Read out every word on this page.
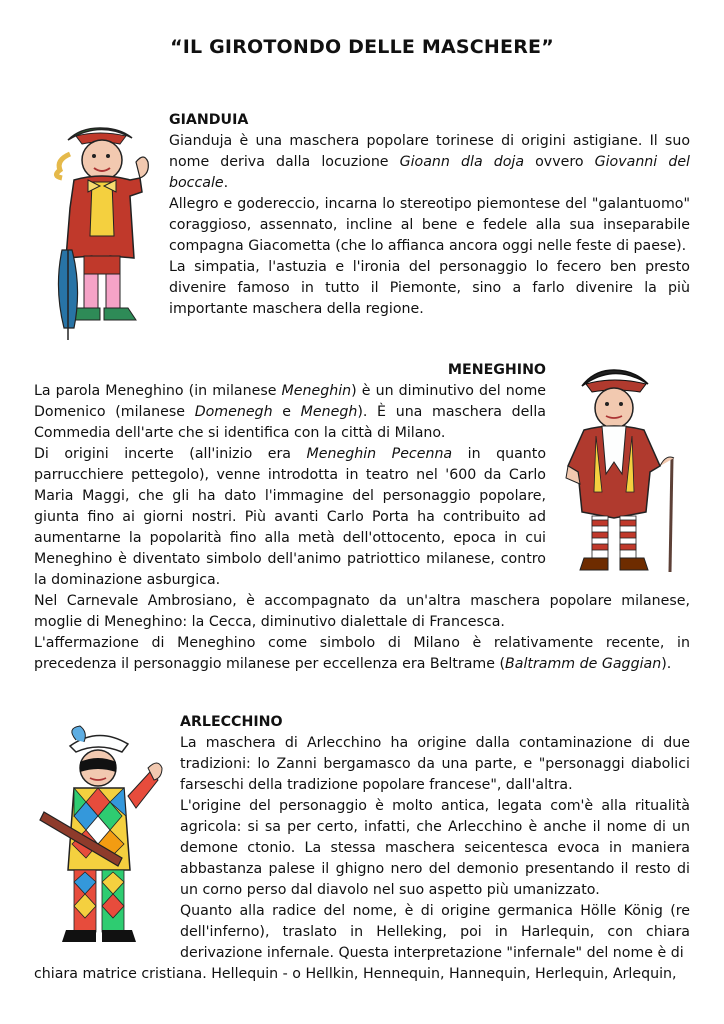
“IL GIROTONDO DELLE MASCHERE”
GIANDUIA

Gianduja è una maschera popolare torinese di origini astigiane. Il suo nome deriva dalla locuzione Gioann dla doja ovvero Giovanni del boccale.

Allegro e godereccio, incarna lo stereotipo piemontese del "galantuomo" coraggioso, assennato, incline al bene e fedele alla sua inseparabile compagna Giacometta (che lo affianca ancora oggi nelle feste di paese).

La simpatia, l'astuzia e l'ironia del personaggio lo fecero ben presto divenire famoso in tutto il Piemonte, sino a farlo divenire la più importante maschera della regione.

MENEGHINO

La parola Meneghino (in milanese Meneghin) è un diminutivo del nome Domenico (milanese Domenegh e Menegh). È una maschera della Commedia dell'arte che si identifica con la città di Milano.

Di origini incerte (all'inizio era Meneghin Pecenna in quanto parrucchiere pettegolo), venne introdotta in teatro nel '600 da Carlo Maria Maggi, che gli ha dato l'immagine del personaggio popolare, giunta fino ai giorni nostri. Più avanti Carlo Porta ha contribuito ad aumentarne la popolarità fino alla metà dell'ottocento, epoca in cui Meneghino è diventato simbolo dell'animo patriottico milanese, contro la dominazione asburgica.

Nel Carnevale Ambrosiano, è accompagnato da un'altra maschera popolare milanese, moglie di Meneghino: la Cecca, diminutivo dialettale di Francesca.

L'affermazione di Meneghino come simbolo di Milano è relativamente recente, in precedenza il personaggio milanese per eccellenza era Beltrame (Baltramm de Gaggian).

ARLECCHINO

La maschera di Arlecchino ha origine dalla contaminazione di due tradizioni: lo Zanni bergamasco da una parte, e "personaggi diabolici farseschi della tradizione popolare francese", dall'altra.

L'origine del personaggio è molto antica, legata com'è alla ritualità agricola: si sa per certo, infatti, che Arlecchino è anche il nome di un demone ctonio. La stessa maschera seicentesca evoca in maniera abbastanza palese il ghigno nero del demonio presentando il resto di un corno perso dal diavolo nel suo aspetto più umanizzato.

Quanto alla radice del nome, è di origine germanica Hölle König (re dell'inferno), traslato in Helleking, poi in Harlequin, con chiara derivazione infernale. Questa interpretazione "infernale" del nome è di

chiara matrice cristiana. Hellequin - o Hellkin, Hennequin, Hannequin, Herlequin, Arlequin,
